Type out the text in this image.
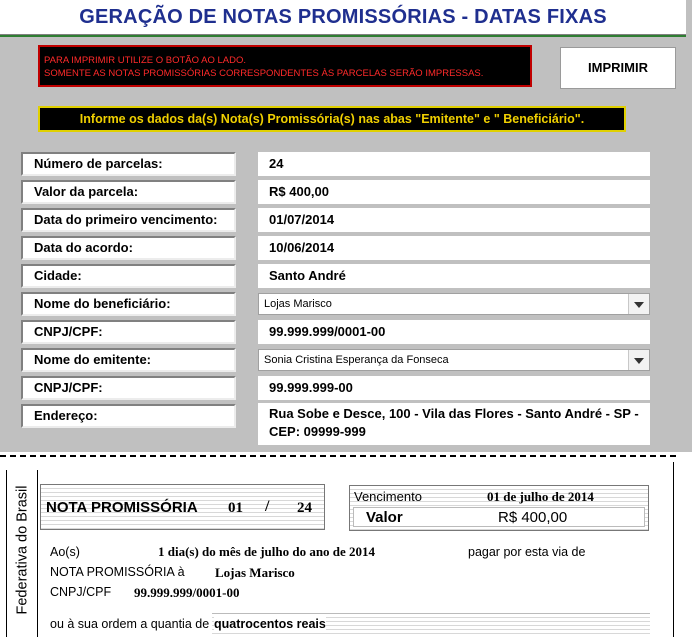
GERAÇÃO DE NOTAS PROMISSÓRIAS - DATAS FIXAS
PARA IMPRIMIR UTILIZE O BOTÃO AO LADO.
SOMENTE AS NOTAS PROMISSÓRIAS CORRESPONDENTES ÀS PARCELAS SERÃO IMPRESSAS.	IMPRIMIR
Informe os dados da(s) Nota(s) Promissória(s) nas abas "Emitente" e " Beneficiário".
Número de parcelas:	24
Valor da parcela:	R$ 400,00
Data do primeiro vencimento:	01/07/2014
Data do acordo:	10/06/2014
Cidade:	Santo André
Nome do beneficiário:	Lojas Marisco
CNPJ/CPF:	99.999.999/0001-00
Nome do emitente:	Sonia Cristina Esperança da Fonseca
CNPJ/CPF:	99.999.999-00
Endereço:	Rua Sobe e Desce, 100 - Vila das Flores - Santo André - SP -
CEP: 09999-999
Federativa do Brasil NOTA PROMISSÓRIA 01 / 24
Vencimento	01 de julho de 2014
Valor	R$ 400,00
Ao(s)	1 dia(s) do mês de julho do ano de 2014	pagar por esta via de
NOTA PROMISSÓRIA à Lojas Marisco
CNPJ/CPF 99.999.999/0001-00
ou à sua ordem a quantia de quatrocentos reais
